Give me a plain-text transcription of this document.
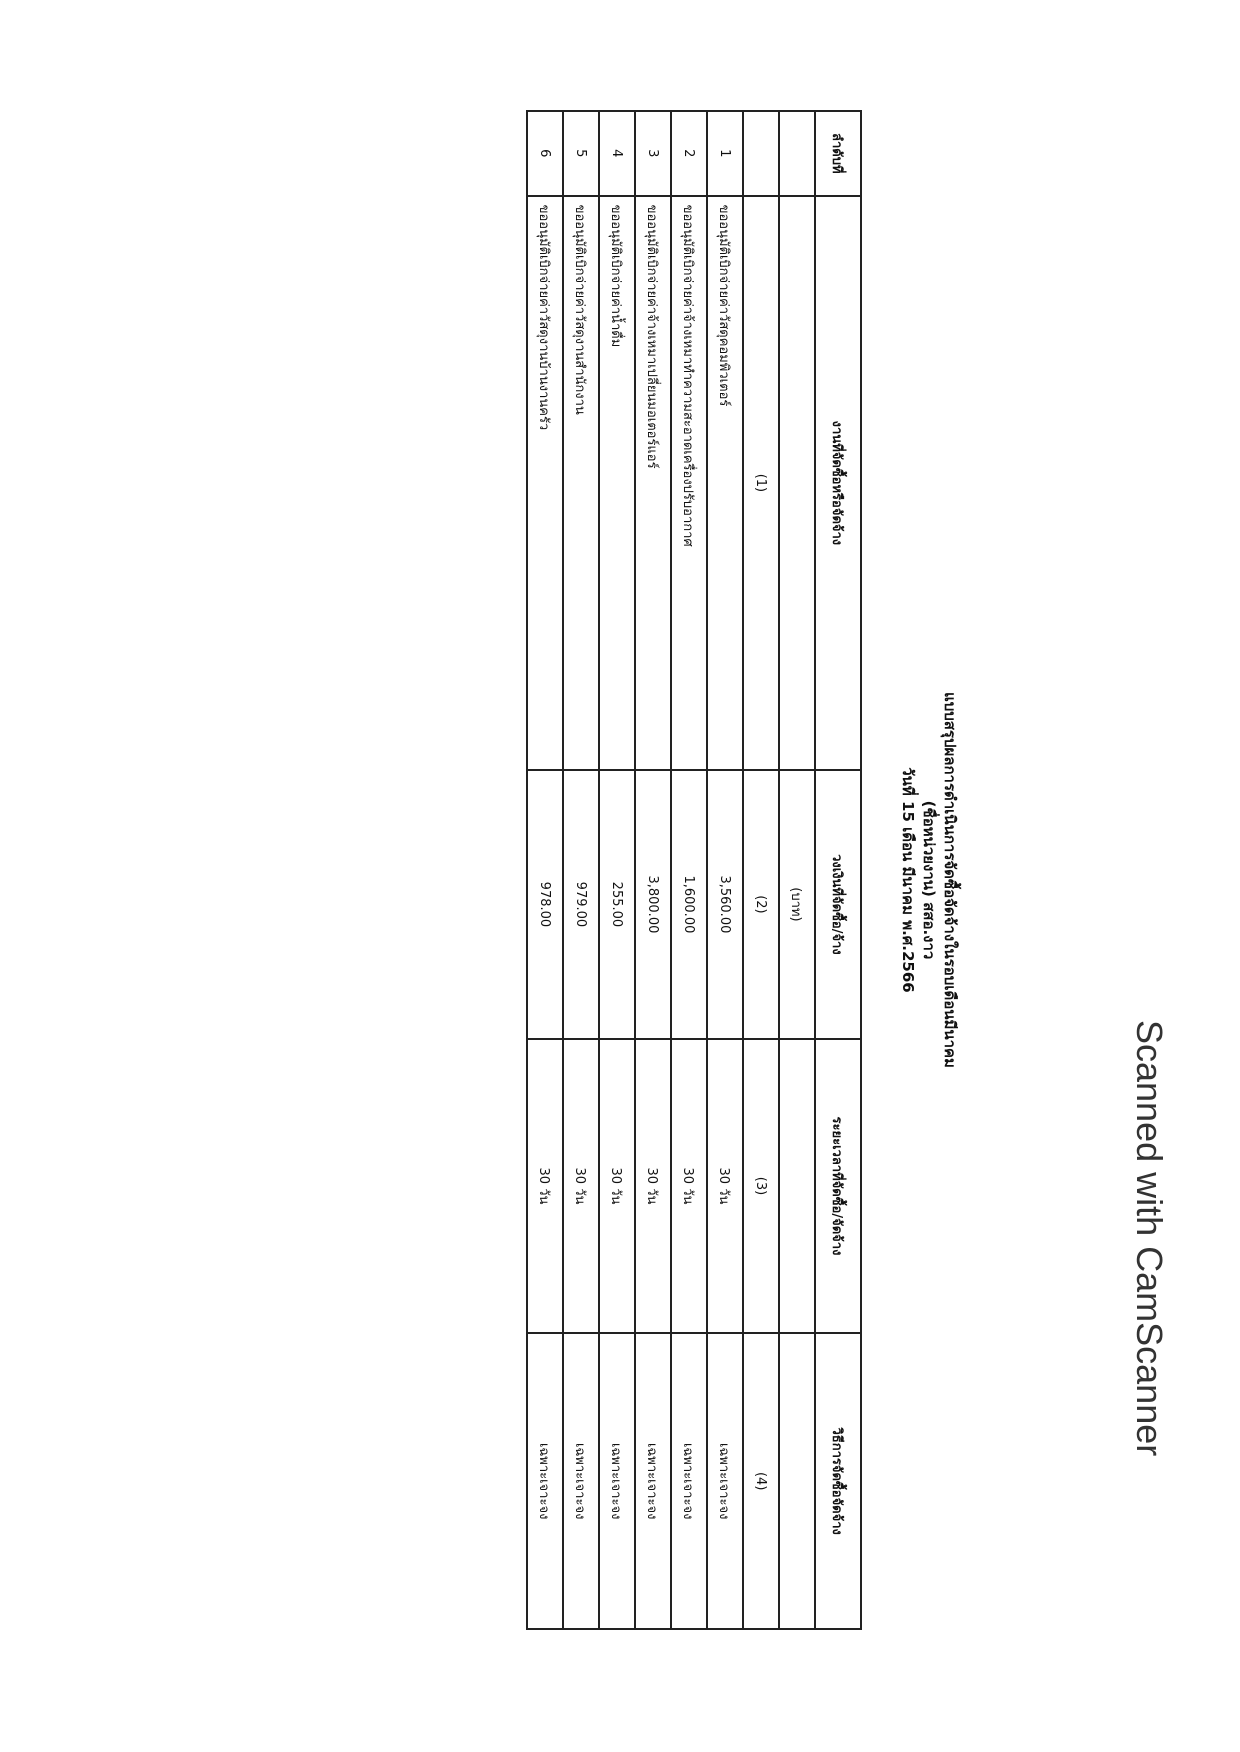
แบบสรุปผลการดำเนินการจัดซื้อจัดจ้างในรอบเดือนมีนาคม
(ชื่อหน่วยงาน) สสอ.งาว
วันที่ 15 เดือน มีนาคม พ.ศ.2566
ลำดับที่	งานที่จัดซื้อหรือจัดจ้าง	วงเงินที่จัดซื้อ/จ้าง	ระยะเวลาที่จัดซื้อ/จัดจ้าง	วิธีการจัดซื้อจัดจ้าง
		(บาท)		
	(1)	(2)	(3)	(4)
1	ขออนุมัติเบิกจ่ายค่าวัสดุคอมพิวเตอร์	3,560.00	30 วัน	เฉพาะเจาะจง
2	ขออนุมัติเบิกจ่ายค่าจ้างเหมาทำความสะอาดเครื่องปรับอากาศ	1,600.00	30 วัน	เฉพาะเจาะจง
3	ขออนุมัติเบิกจ่ายค่าจ้างเหมาเปลี่ยนมอเตอร์แอร์	3,800.00	30 วัน	เฉพาะเจาะจง
4	ขออนุมัติเบิกจ่ายค่าน้ำดื่ม	255.00	30 วัน	เฉพาะเจาะจง
5	ขออนุมัติเบิกจ่ายค่าวัสดุงานสำนักงาน	979.00	30 วัน	เฉพาะเจาะจง
6	ขออนุมัติเบิกจ่ายค่าวัสดุงานบ้านงานครัว	978.00	30 วัน	เฉพาะเจาะจง
Scanned with CamScanner
